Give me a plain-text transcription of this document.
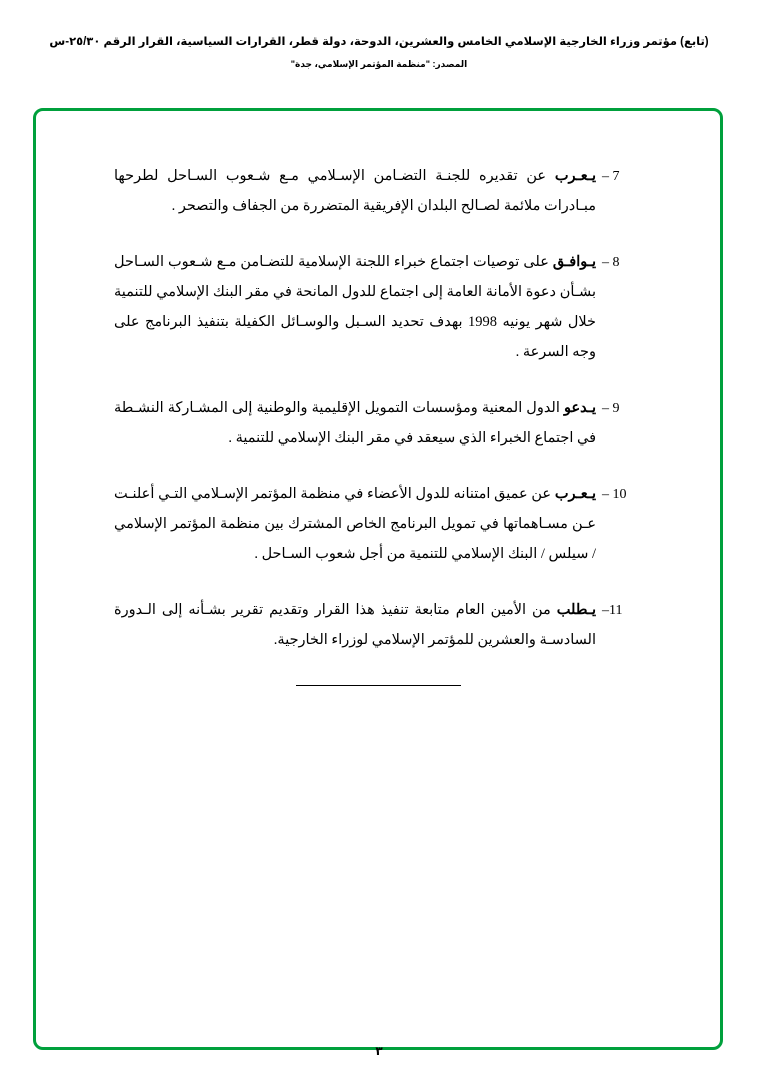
(تابع) مؤتمر وزراء الخارجية الإسلامي الخامس والعشرين، الدوحة، دولة قطر، القرارات السياسية، القرار الرقم ٢٥/٣٠-س
المصدر: "منظمة المؤتمر الإسلامي، جدة"
7 –
يـعـرب عن تقديره للجنـة التضـامن الإسـلامي مـع شـعوب السـاحل لطرحها مبـادرات ملائمة لصـالح البلدان الإفريقية المتضررة من الجفاف والتصحر .
8 –
يـوافـق على توصيات اجتماع خبراء اللجنة الإسلامية للتضـامن مـع شـعوب السـاحل بشـأن دعوة الأمانة العامة إلى اجتماع للدول المانحة في مقر البنك الإسلامي للتنمية خلال شهر يونيه 1998 بهدف تحديد السـبل والوسـائل الكفيلة بتنفيذ البرنامج على وجه السرعة .
9 –
يـدعو الدول المعنية ومؤسسات التمويل الإقليمية والوطنية إلى المشـاركة النشـطة في اجتماع الخبراء الذي سيعقد في مقر البنك الإسلامي للتنمية .
10 –
يـعـرب عن عميق امتنانه للدول الأعضاء في منظمة المؤتمر الإسـلامي التـي أعلنـت عـن مسـاهماتها في تمويل البرنامج الخاص المشترك بين منظمة المؤتمر الإسلامي / سيلس / البنك الإسلامي للتنمية من أجل شعوب السـاحل .
11–
يـطلب من الأمين العام متابعة تنفيذ هذا القرار وتقديم تقرير بشـأنه إلى الـدورة السادسـة والعشرين للمؤتمر الإسلامي لوزراء الخارجية.
٣
